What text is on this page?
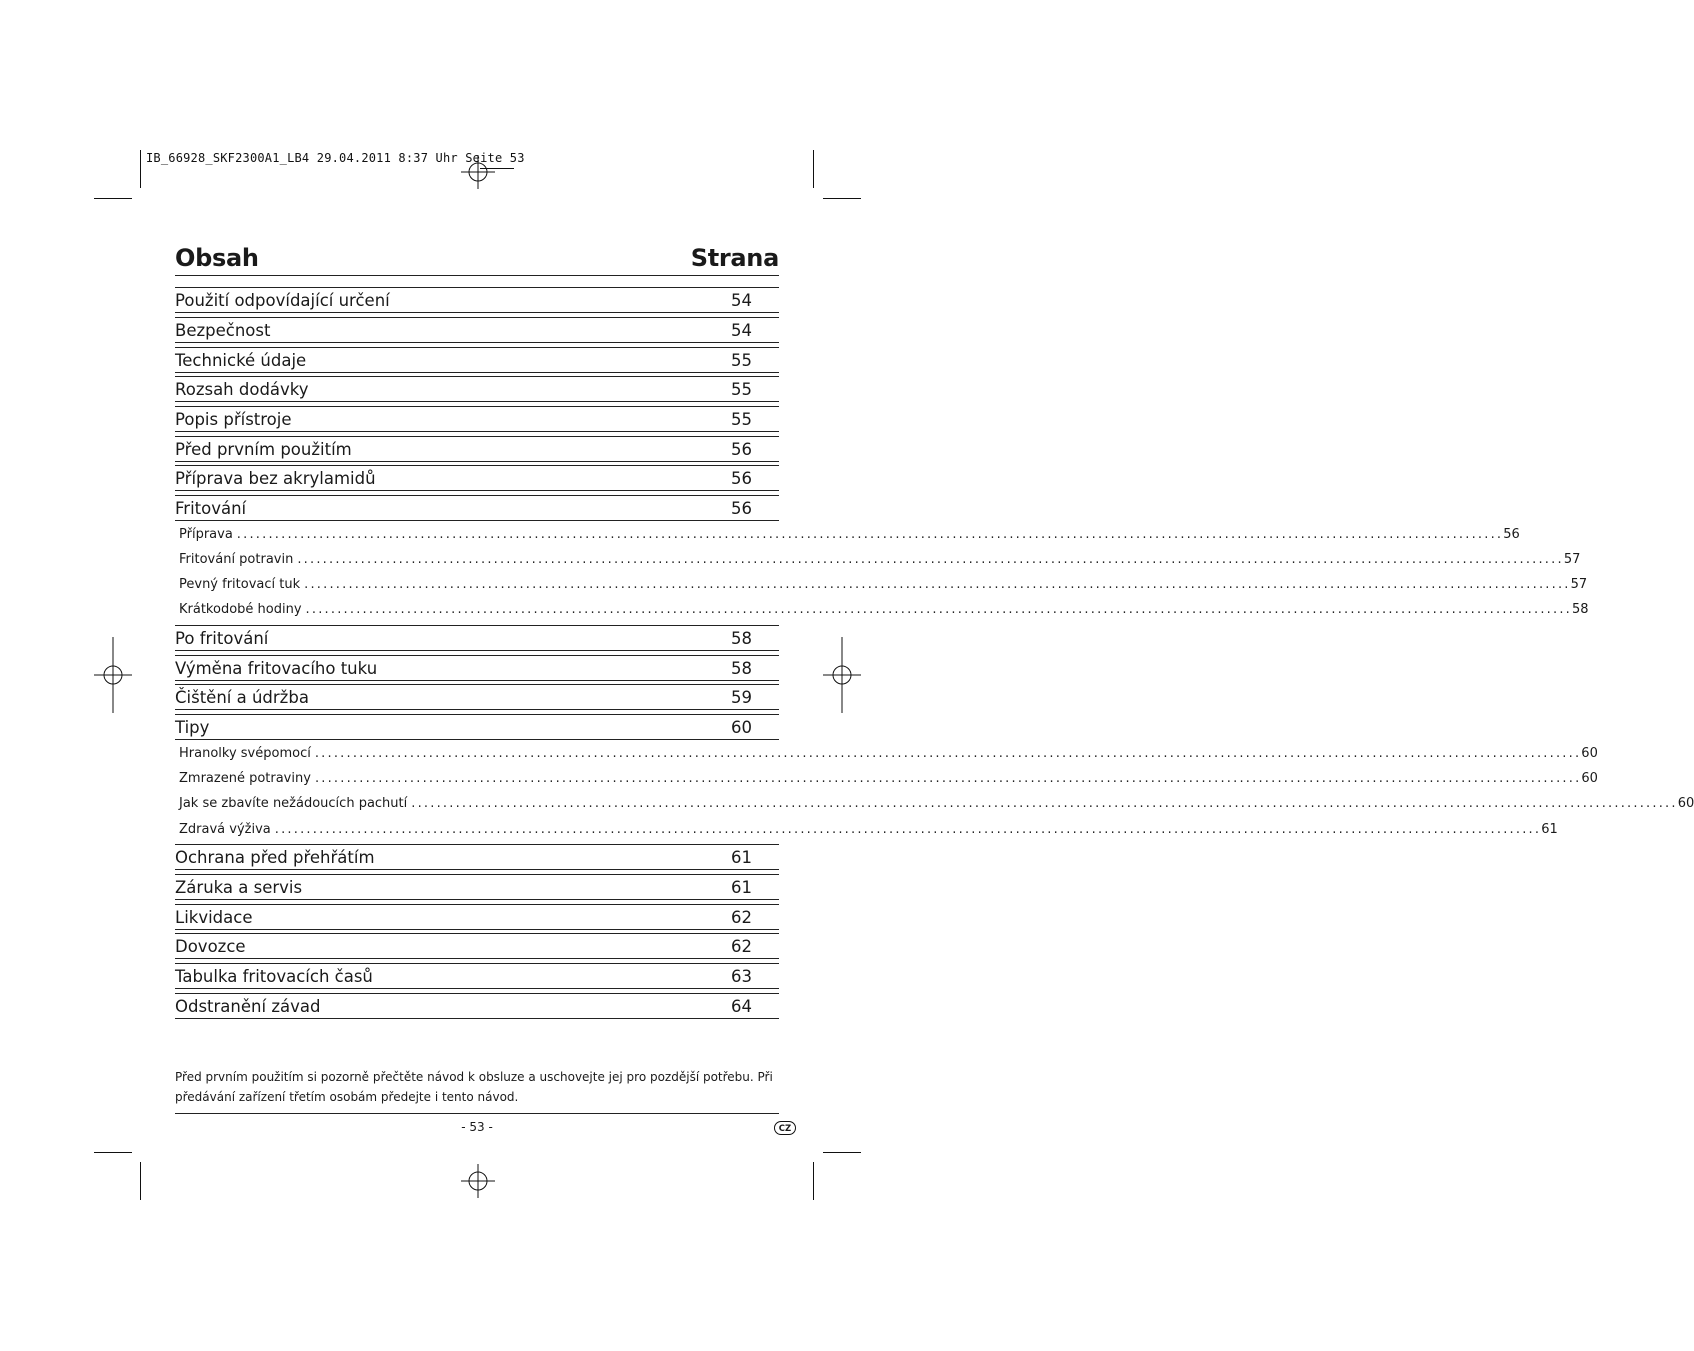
IB_66928_SKF2300A1_LB4 29.04.2011 8:37 Uhr Seite 53
Obsah	Strana
Použití odpovídající určení	54
Bezpečnost	54
Technické údaje	55
Rozsah dodávky	55
Popis přístroje	55
Před prvním použitím	56
Příprava bez akrylamidů	56
Fritování	56
Příprava ........................................................................................................................................................................................................ 56
Fritování potravin ........................................................................................................................................................................................................ 57
Pevný fritovací tuk ........................................................................................................................................................................................................ 57
Krátkodobé hodiny ........................................................................................................................................................................................................ 58
Po fritování	58
Výměna fritovacího tuku	58
Čištění a údržba	59
Tipy	60
Hranolky svépomocí ........................................................................................................................................................................................................ 60
Zmrazené potraviny ........................................................................................................................................................................................................ 60
Jak se zbavíte nežádoucích pachutí ........................................................................................................................................................................................................ 60
Zdravá výživa ........................................................................................................................................................................................................ 61
Ochrana před přehřátím	61
Záruka a servis	61
Likvidace	62
Dovozce	62
Tabulka fritovacích časů	63
Odstranění závad	64
Před prvním použitím si pozorně přečtěte návod k obsluze a uschovejte jej pro pozdější potřebu. Při předávání zařízení třetím osobám předejte i tento návod.
- 53 -	CZ
